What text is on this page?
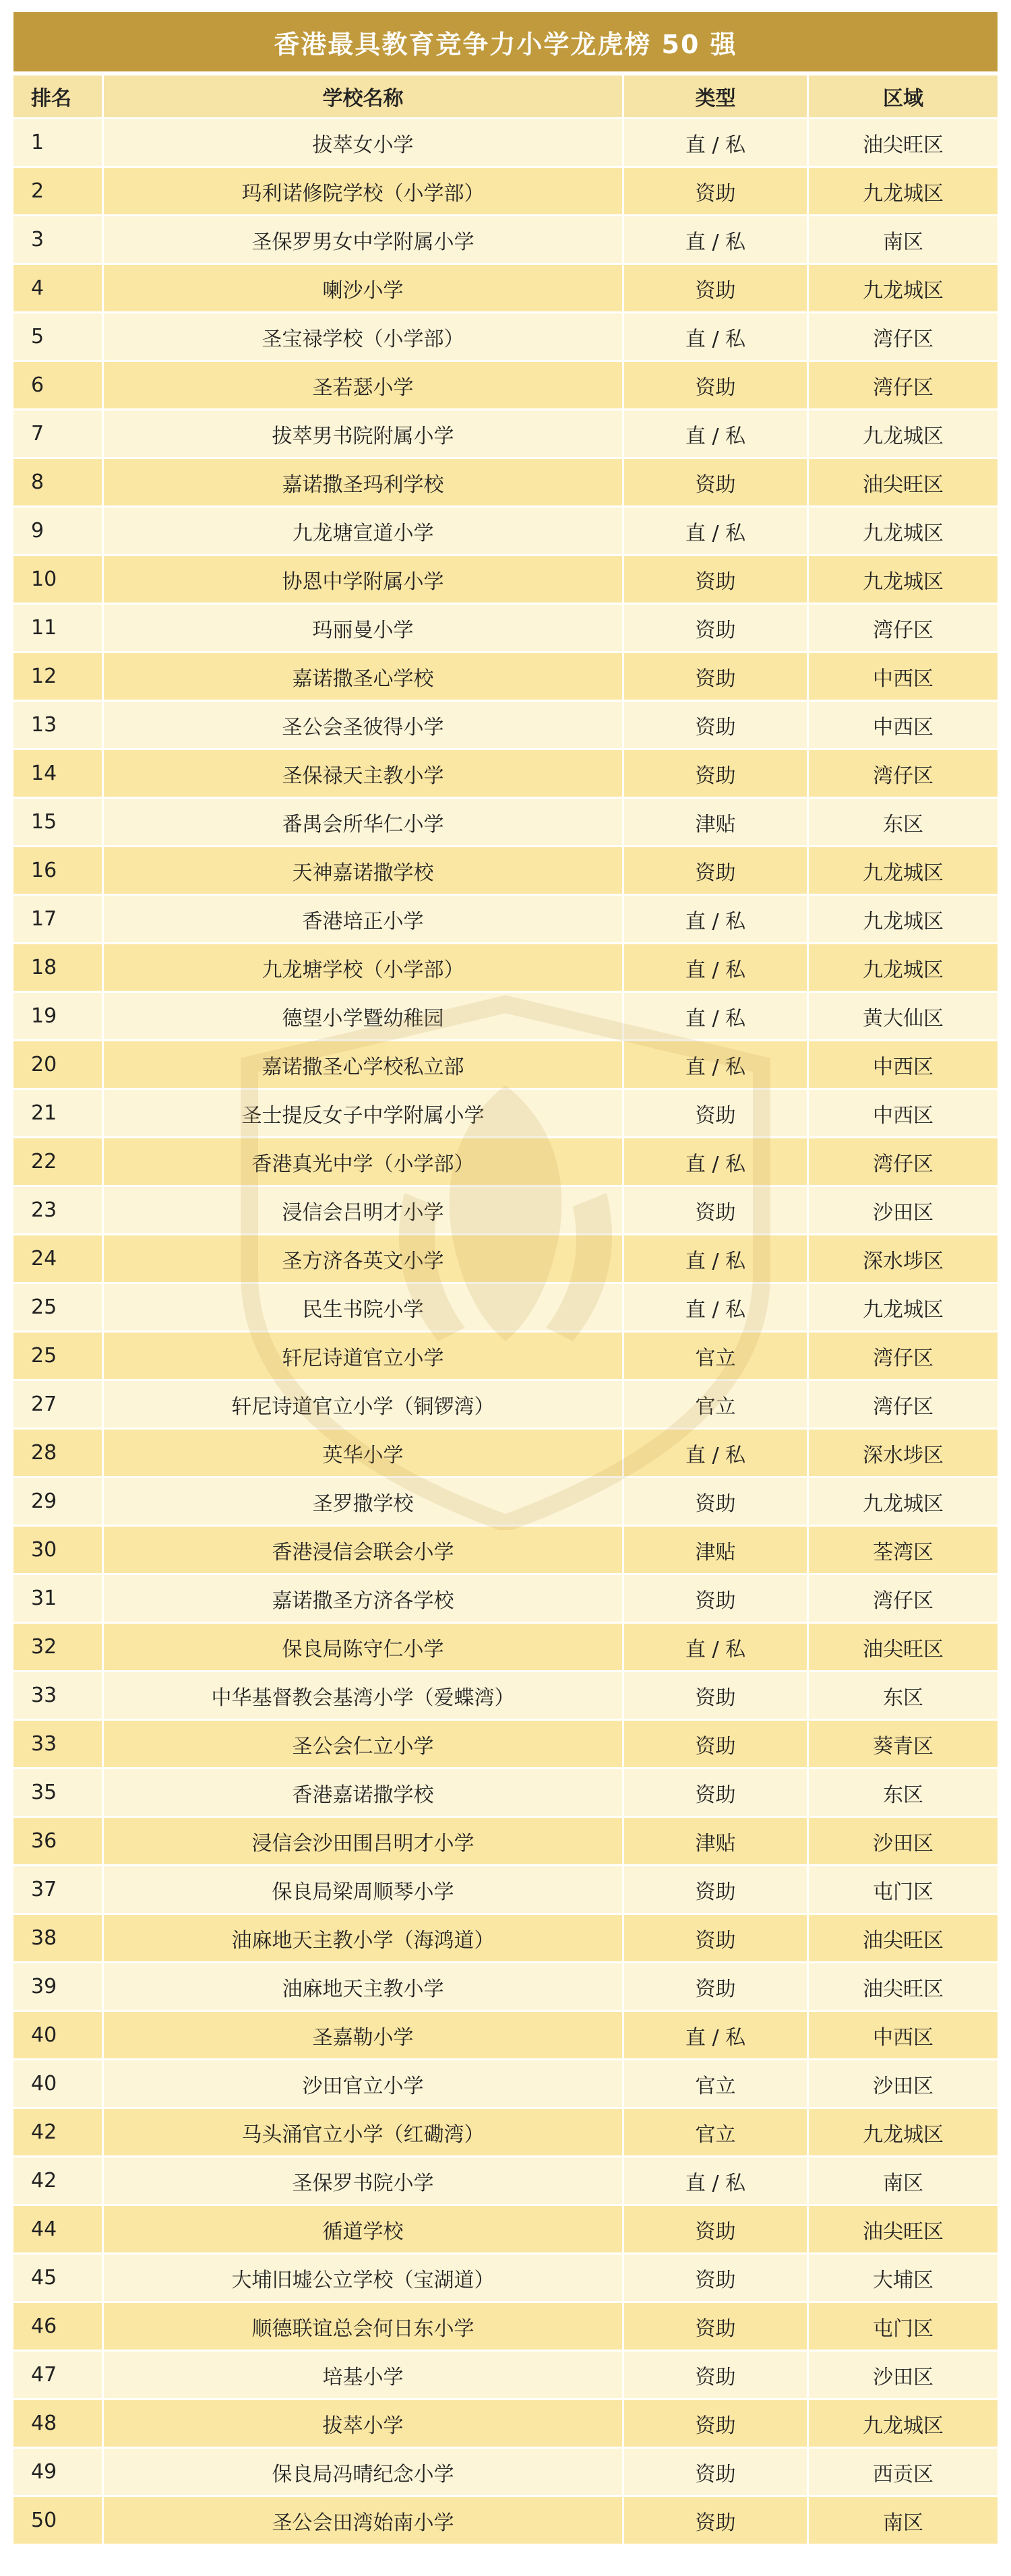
香港最具教育竞争力小学龙虎榜 50 强
排名	学校名称	类型	区域
1	拔萃女小学	直 / 私	油尖旺区
2	玛利诺修院学校（小学部）	资助	九龙城区
3	圣保罗男女中学附属小学	直 / 私	南区
4	喇沙小学	资助	九龙城区
5	圣宝禄学校（小学部）	直 / 私	湾仔区
6	圣若瑟小学	资助	湾仔区
7	拔萃男书院附属小学	直 / 私	九龙城区
8	嘉诺撒圣玛利学校	资助	油尖旺区
9	九龙塘宣道小学	直 / 私	九龙城区
10	协恩中学附属小学	资助	九龙城区
11	玛丽曼小学	资助	湾仔区
12	嘉诺撒圣心学校	资助	中西区
13	圣公会圣彼得小学	资助	中西区
14	圣保禄天主教小学	资助	湾仔区
15	番禺会所华仁小学	津贴	东区
16	天神嘉诺撒学校	资助	九龙城区
17	香港培正小学	直 / 私	九龙城区
18	九龙塘学校（小学部）	直 / 私	九龙城区
19	德望小学暨幼稚园	直 / 私	黄大仙区
20	嘉诺撒圣心学校私立部	直 / 私	中西区
21	圣士提反女子中学附属小学	资助	中西区
22	香港真光中学（小学部）	直 / 私	湾仔区
23	浸信会吕明才小学	资助	沙田区
24	圣方济各英文小学	直 / 私	深水埗区
25	民生书院小学	直 / 私	九龙城区
25	轩尼诗道官立小学	官立	湾仔区
27	轩尼诗道官立小学（铜锣湾）	官立	湾仔区
28	英华小学	直 / 私	深水埗区
29	圣罗撒学校	资助	九龙城区
30	香港浸信会联会小学	津贴	荃湾区
31	嘉诺撒圣方济各学校	资助	湾仔区
32	保良局陈守仁小学	直 / 私	油尖旺区
33	中华基督教会基湾小学（爱蝶湾）	资助	东区
33	圣公会仁立小学	资助	葵青区
35	香港嘉诺撒学校	资助	东区
36	浸信会沙田围吕明才小学	津贴	沙田区
37	保良局梁周顺琴小学	资助	屯门区
38	油麻地天主教小学（海鸿道）	资助	油尖旺区
39	油麻地天主教小学	资助	油尖旺区
40	圣嘉勒小学	直 / 私	中西区
40	沙田官立小学	官立	沙田区
42	马头涌官立小学（红磡湾）	官立	九龙城区
42	圣保罗书院小学	直 / 私	南区
44	循道学校	资助	油尖旺区
45	大埔旧墟公立学校（宝湖道）	资助	大埔区
46	顺德联谊总会何日东小学	资助	屯门区
47	培基小学	资助	沙田区
48	拔萃小学	资助	九龙城区
49	保良局冯晴纪念小学	资助	西贡区
50	圣公会田湾始南小学	资助	南区
